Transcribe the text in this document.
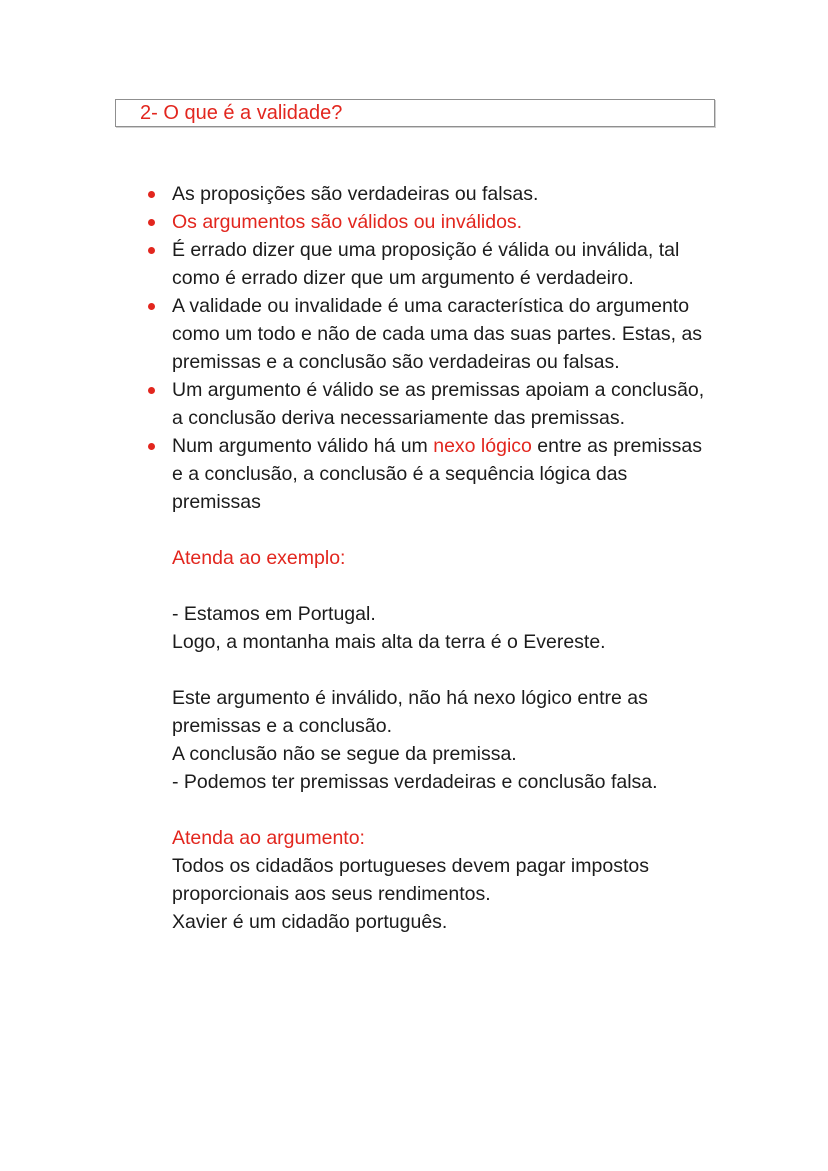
2- O que é a validade?
As proposições são verdadeiras ou falsas.
Os argumentos são válidos ou inválidos.
É errado dizer que uma proposição é válida ou inválida, tal como é errado dizer que um argumento é verdadeiro.
A validade ou invalidade é uma característica do argumento como um todo e não de cada uma das suas partes. Estas, as premissas e a conclusão são verdadeiras ou falsas.
Um argumento é válido se as premissas apoiam a conclusão, a conclusão deriva necessariamente das premissas.
Num argumento válido há um nexo lógico entre as premissas e a conclusão, a conclusão é a sequência lógica das premissas
Atenda ao exemplo:
- Estamos em Portugal.
Logo, a montanha mais alta da terra é o Evereste.
Este argumento é inválido, não há nexo lógico entre as premissas e a conclusão.
A conclusão não se segue da premissa.
- Podemos ter premissas verdadeiras e conclusão falsa.
Atenda ao argumento:
Todos os cidadãos portugueses devem pagar impostos proporcionais aos seus rendimentos.
Xavier é um cidadão português.
